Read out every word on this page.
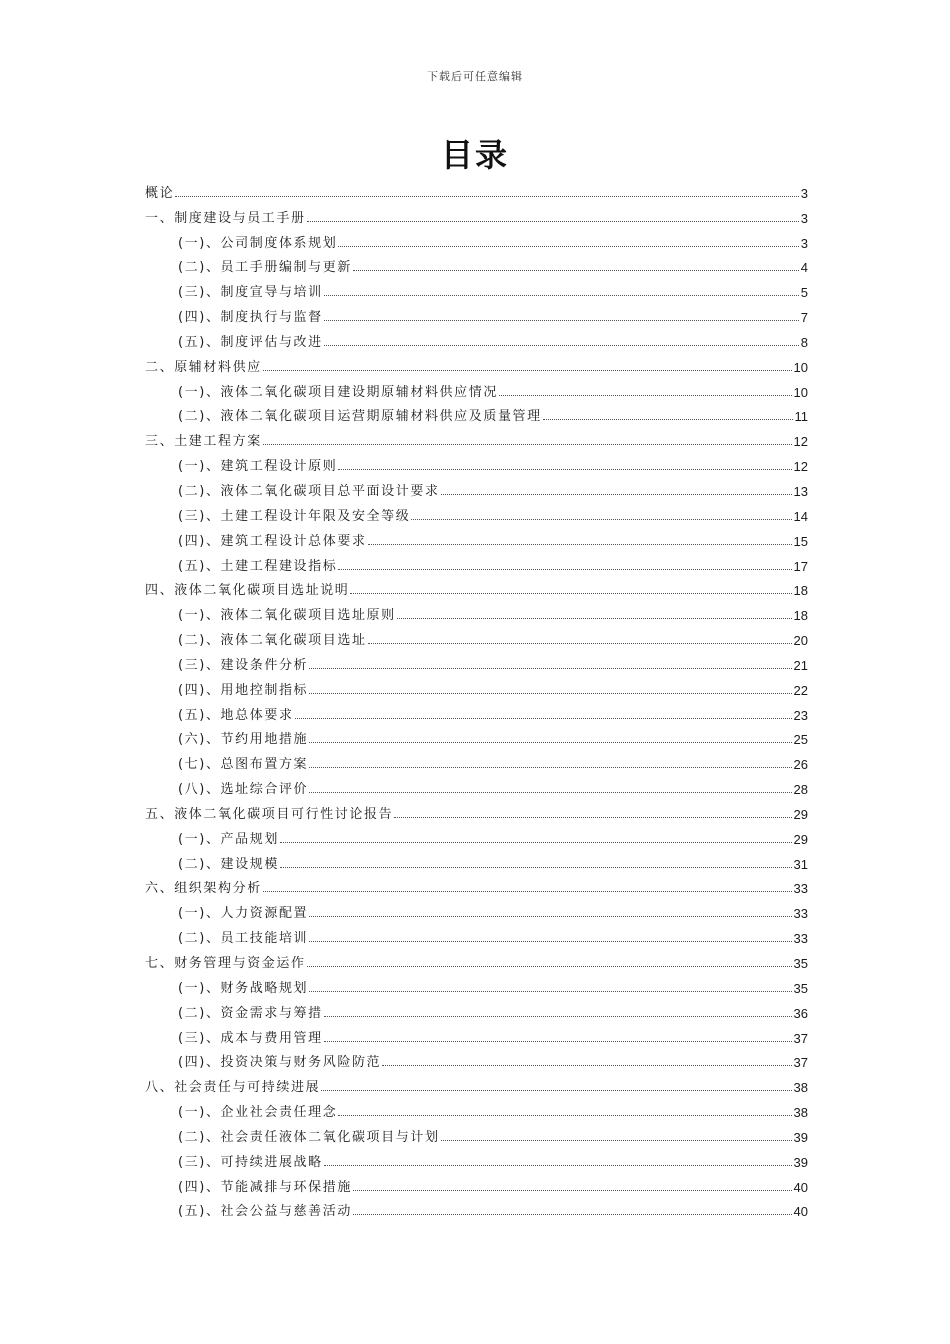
下载后可任意编辑
目录
概论	3
一、制度建设与员工手册	3
(一)、公司制度体系规划	3
(二)、员工手册编制与更新	4
(三)、制度宣导与培训	5
(四)、制度执行与监督	7
(五)、制度评估与改进	8
二、原辅材料供应	10
(一)、液体二氧化碳项目建设期原辅材料供应情况	10
(二)、液体二氧化碳项目运营期原辅材料供应及质量管理	11
三、土建工程方案	12
(一)、建筑工程设计原则	12
(二)、液体二氧化碳项目总平面设计要求	13
(三)、土建工程设计年限及安全等级	14
(四)、建筑工程设计总体要求	15
(五)、土建工程建设指标	17
四、液体二氧化碳项目选址说明	18
(一)、液体二氧化碳项目选址原则	18
(二)、液体二氧化碳项目选址	20
(三)、建设条件分析	21
(四)、用地控制指标	22
(五)、地总体要求	23
(六)、节约用地措施	25
(七)、总图布置方案	26
(八)、选址综合评价	28
五、液体二氧化碳项目可行性讨论报告	29
(一)、产品规划	29
(二)、建设规模	31
六、组织架构分析	33
(一)、人力资源配置	33
(二)、员工技能培训	33
七、财务管理与资金运作	35
(一)、财务战略规划	35
(二)、资金需求与筹措	36
(三)、成本与费用管理	37
(四)、投资决策与财务风险防范	37
八、社会责任与可持续进展	38
(一)、企业社会责任理念	38
(二)、社会责任液体二氧化碳项目与计划	39
(三)、可持续进展战略	39
(四)、节能减排与环保措施	40
(五)、社会公益与慈善活动	40
